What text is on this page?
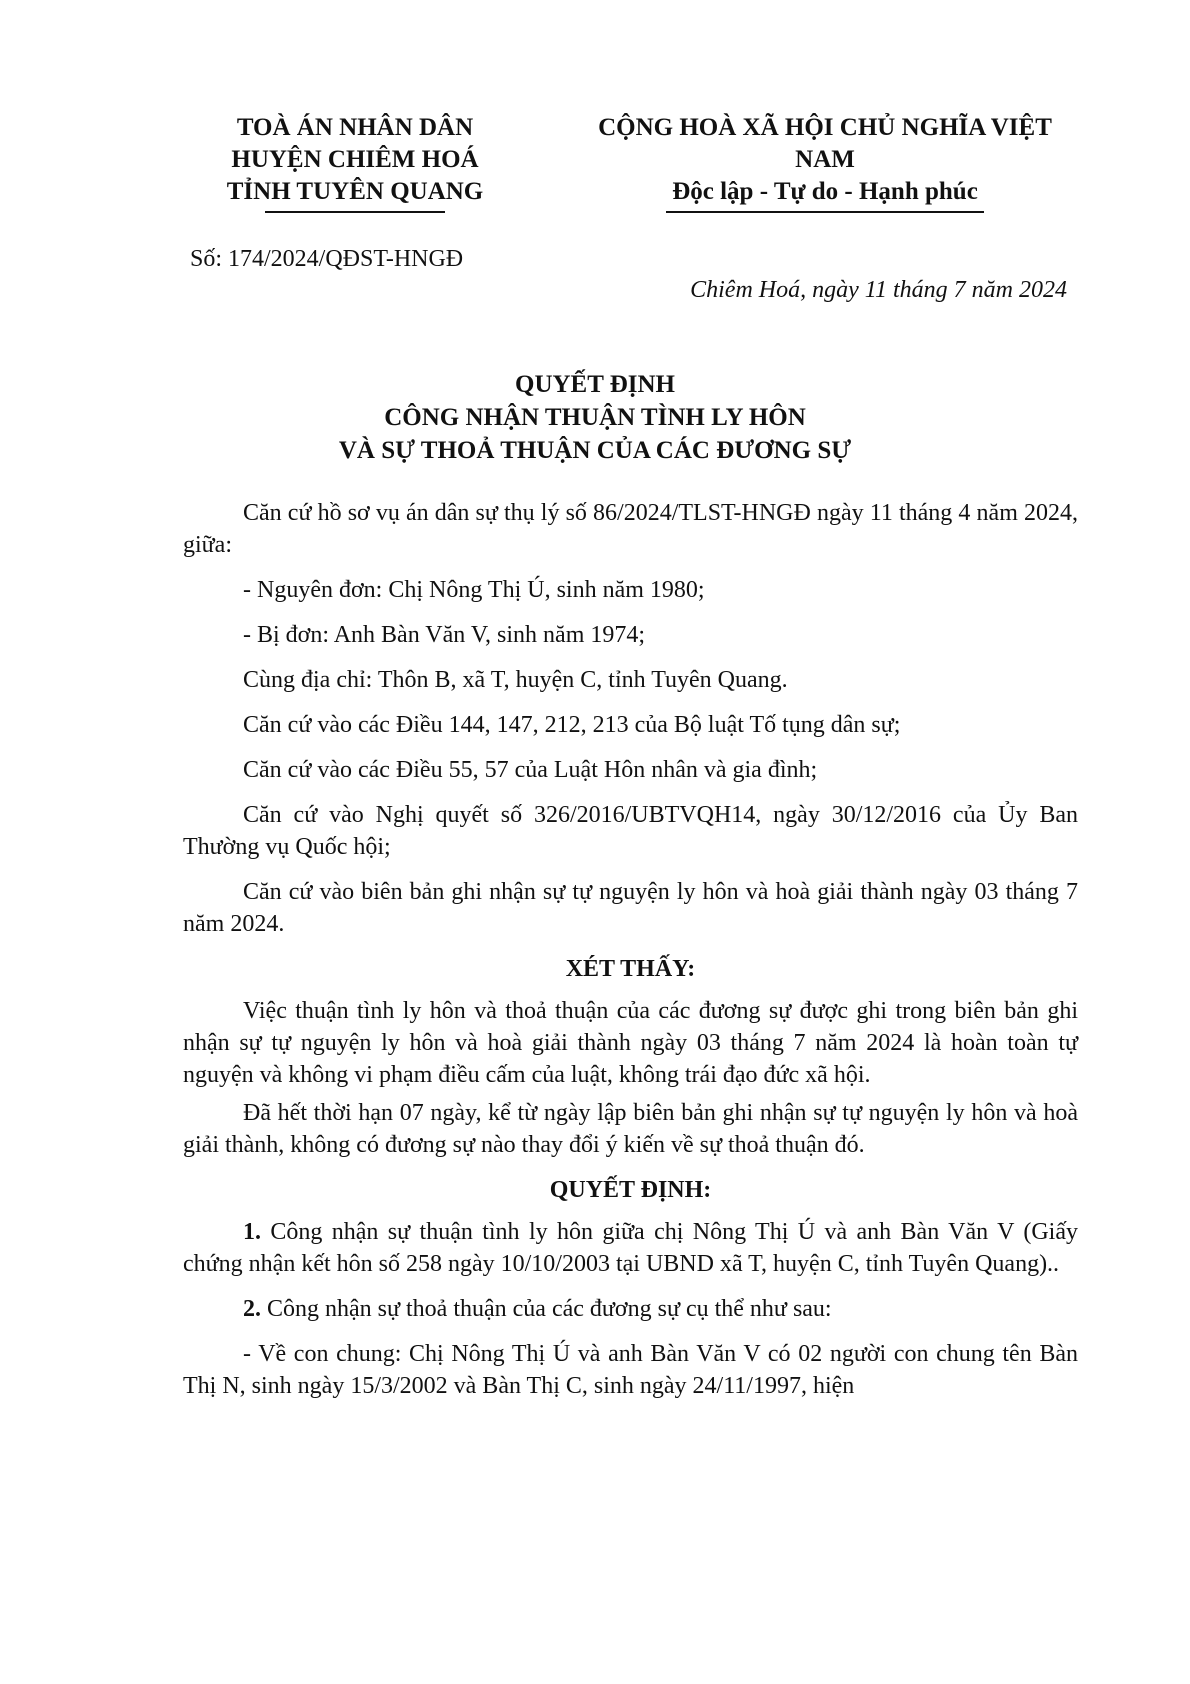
TOÀ ÁN NHÂN DÂN
HUYỆN CHIÊM HOÁ
TỈNH TUYÊN QUANG
CỘNG HOÀ XÃ HỘI CHỦ NGHĨA VIỆT
NAM
Độc lập - Tự do - Hạnh phúc
Số: 174/2024/QĐST-HNGĐ
Chiêm Hoá, ngày 11 tháng 7 năm 2024
QUYẾT ĐỊNH
CÔNG NHẬN THUẬN TÌNH LY HÔN
VÀ SỰ THOẢ THUẬN CỦA CÁC ĐƯƠNG SỰ

Căn cứ hồ sơ vụ án dân sự thụ lý số 86/2024/TLST-HNGĐ ngày 11 tháng 4 năm 2024, giữa:

- Nguyên đơn: Chị Nông Thị Ú, sinh năm 1980;

- Bị đơn: Anh Bàn Văn V, sinh năm 1974;

Cùng địa chỉ: Thôn B, xã T, huyện C, tỉnh Tuyên Quang.

Căn cứ vào các Điều 144, 147, 212, 213 của Bộ luật Tố tụng dân sự;

Căn cứ vào các Điều 55, 57 của Luật Hôn nhân và gia đình;

Căn cứ vào Nghị quyết số 326/2016/UBTVQH14, ngày 30/12/2016 của Ủy Ban Thường vụ Quốc hội;

Căn cứ vào biên bản ghi nhận sự tự nguyện ly hôn và hoà giải thành ngày 03 tháng 7 năm 2024.

XÉT THẤY:

Việc thuận tình ly hôn và thoả thuận của các đương sự được ghi trong biên bản ghi nhận sự tự nguyện ly hôn và hoà giải thành ngày 03 tháng 7 năm 2024 là hoàn toàn tự nguyện và không vi phạm điều cấm của luật, không trái đạo đức xã hội.

Đã hết thời hạn 07 ngày, kể từ ngày lập biên bản ghi nhận sự tự nguyện ly hôn và hoà giải thành, không có đương sự nào thay đổi ý kiến về sự thoả thuận đó.

QUYẾT ĐỊNH:

1. Công nhận sự thuận tình ly hôn giữa chị Nông Thị Ú và anh Bàn Văn V (Giấy chứng nhận kết hôn số 258 ngày 10/10/2003 tại UBND xã T, huyện C, tỉnh Tuyên Quang)..

2. Công nhận sự thoả thuận của các đương sự cụ thể như sau:

- Về con chung: Chị Nông Thị Ú và anh Bàn Văn V có 02 người con chung tên Bàn Thị N, sinh ngày 15/3/2002 và Bàn Thị C, sinh ngày 24/11/1997, hiện
